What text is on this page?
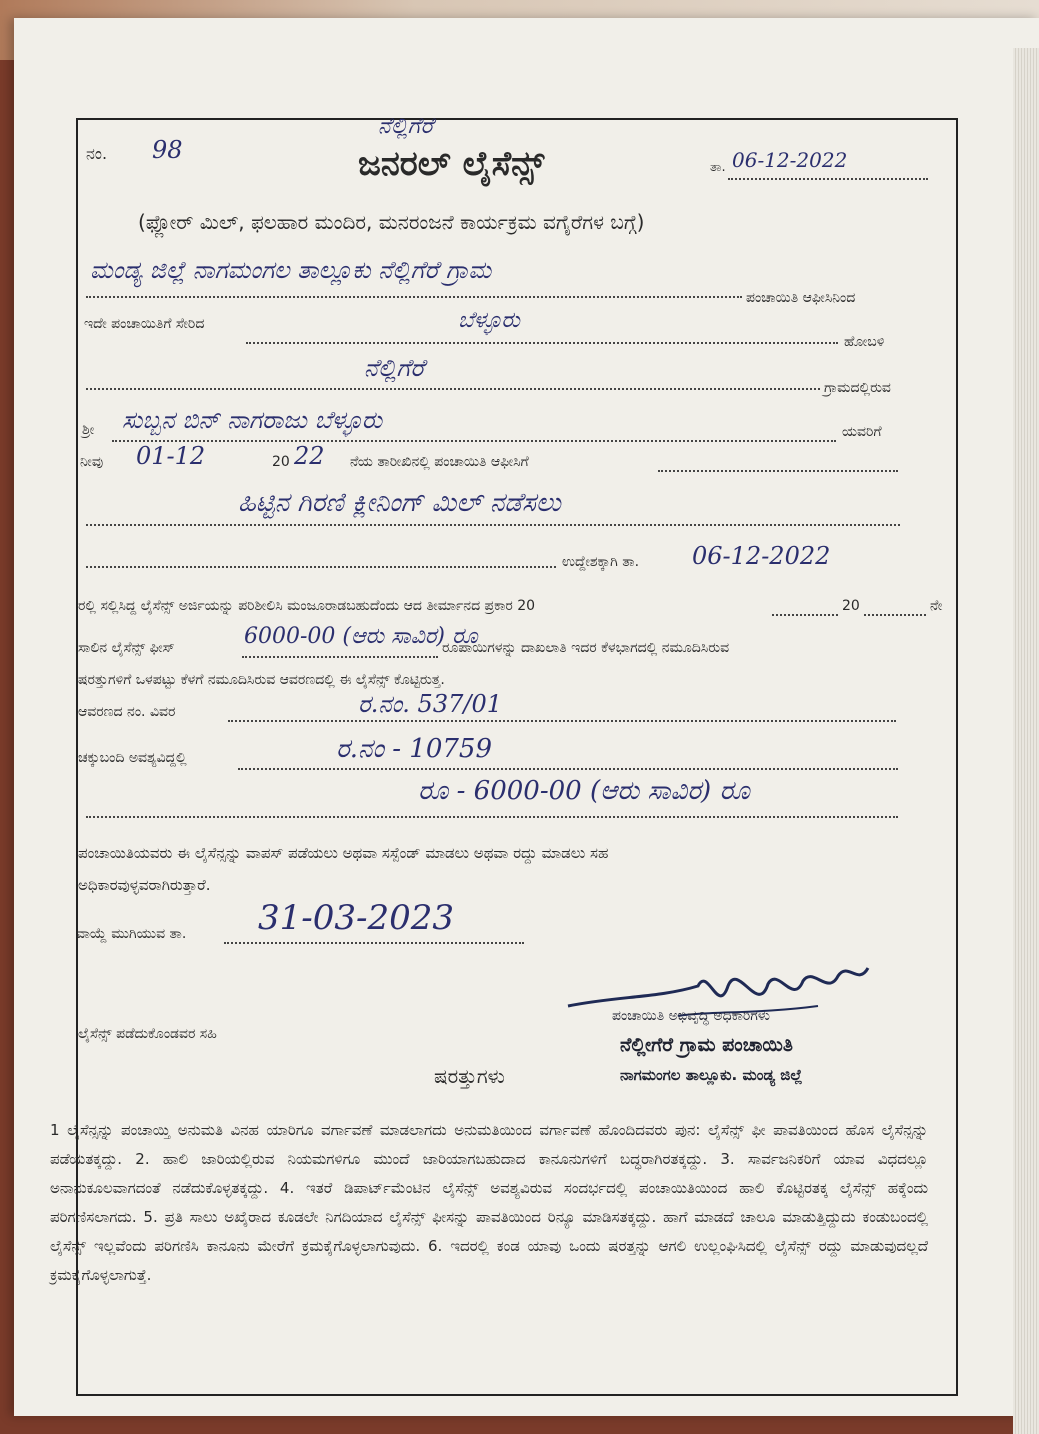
ನಂ. 98
ನೆಲ್ಲಿಗೆರೆ
ಜನರಲ್ ಲೈಸೆನ್ಸ್	ತಾ. 06-12-2022
(ಫ್ಲೋರ್ ಮಿಲ್, ಫಲಹಾರ ಮಂದಿರ, ಮನರಂಜನೆ ಕಾರ್ಯಕ್ರಮ ವಗೈರೆಗಳ ಬಗ್ಗೆ)
ಮಂಡ್ಯ ಜಿಲ್ಲೆ ನಾಗಮಂಗಲ ತಾಲ್ಲೂಕು ನೆಲ್ಲಿಗೆರೆ ಗ್ರಾಮ
ಪಂಚಾಯಿತಿ ಆಫೀಸಿನಿಂದ
ಇದೇ ಪಂಚಾಯಿತಿಗೆ ಸೇರಿದ	ಬೆಳ್ಳೂರು
ಹೋಬಳಿ
ನೆಲ್ಲಿಗೆರೆ
ಗ್ರಾಮದಲ್ಲಿರುವ
ಶ್ರೀ ಸುಬ್ಬನ ಬಿನ್ ನಾಗರಾಜು ಬೆಳ್ಳೂರು	ಯವರಿಗೆ
ನೀವು 01-12	20 22 ನೆಯ ತಾರೀಖಿನಲ್ಲಿ ಪಂಚಾಯಿತಿ ಆಫೀಸಿಗೆ
ಹಿಟ್ಟಿನ ಗಿರಣಿ ಕ್ಲೀನಿಂಗ್ ಮಿಲ್ ನಡೆಸಲು
ಉದ್ದೇಶಕ್ಕಾಗಿ ತಾ. 06-12-2022
ರಲ್ಲಿ ಸಲ್ಲಿಸಿದ್ದ ಲೈಸೆನ್ಸ್ ಅರ್ಜಿಯನ್ನು ಪರಿಶೀಲಿಸಿ ಮಂಜೂರಾಡಬಹುದೆಂದು ಆದ ತೀರ್ಮಾನದ ಪ್ರಕಾರ 20	20	ನೇ
ಸಾಲಿನ ಲೈಸೆನ್ಸ್ ಫೀಸ್	6000-00 (ಆರು ಸಾವಿರ) ರೂ
ರೂಪಾಯಿಗಳನ್ನು ದಾಖಲಾತಿ ಇದರ ಕೆಳಭಾಗದಲ್ಲಿ ನಮೂದಿಸಿರುವ
ಷರತ್ತುಗಳಿಗೆ ಒಳಪಟ್ಟು ಕೆಳಗೆ ನಮೂದಿಸಿರುವ ಆವರಣದಲ್ಲಿ ಈ ಲೈಸೆನ್ಸ್ ಕೊಟ್ಟಿರುತ್ತ.
ಆವರಣದ ನಂ. ವಿವರ	ರ.ನಂ. 537/01
ಚಕ್ಕುಬಂದಿ ಅವಶ್ಯವಿದ್ದಲ್ಲಿ	ರ.ನಂ - 10759
ರೂ - 6000-00 (ಆರು ಸಾವಿರ) ರೂ
ಪಂಚಾಯಿತಿಯವರು ಈ ಲೈಸೆನ್ಸನ್ನು ವಾಪಸ್ ಪಡೆಯಲು ಅಥವಾ ಸಸ್ಪೆಂಡ್ ಮಾಡಲು ಅಥವಾ ರದ್ದು ಮಾಡಲು ಸಹ
ಅಧಿಕಾರವುಳ್ಳವರಾಗಿರುತ್ತಾರೆ.
ವಾಯ್ದೆ ಮುಗಿಯುವ ತಾ. 31-03-2023
ಲೈಸೆನ್ಸ್ ಪಡೆದುಕೊಂಡವರ ಸಹಿ
ಪಂಚಾಯಿತಿ ಅಭಿವೃದ್ಧಿ ಅಧಿಕಾರಿಗಳು
ನೆಲ್ಲೀಗೆರೆ ಗ್ರಾಮ ಪಂಚಾಯಿತಿ
ನಾಗಮಂಗಲ ತಾಲ್ಲೂಕು. ಮಂಡ್ಯ ಜಿಲ್ಲೆ
ಷರತ್ತುಗಳು
1 ಲೈಸೆನ್ಸನ್ನು ಪಂಚಾಯ್ತಿ ಅನುಮತಿ ವಿನಹ ಯಾರಿಗೂ ವರ್ಗಾವಣೆ ಮಾಡಲಾಗದು ಅನುಮತಿಯಿಂದ ವರ್ಗಾವಣೆ ಹೊಂದಿದವರು ಪುನ: ಲೈಸೆನ್ಸ್ ಫೀ ಪಾವತಿಯಿಂದ ಹೊಸ ಲೈಸೆನ್ಸನ್ನು ಪಡೆಯತಕ್ಕದ್ದು. 2. ಹಾಲಿ ಜಾರಿಯಲ್ಲಿರುವ ನಿಯಮಗಳಿಗೂ ಮುಂದೆ ಜಾರಿಯಾಗಬಹುದಾದ ಕಾನೂನುಗಳಿಗೆ ಬದ್ಧರಾಗಿರತಕ್ಕದ್ದು. 3. ಸಾರ್ವಜನಿಕರಿಗೆ ಯಾವ ವಿಧದಲ್ಲೂ ಅನಾನುಕೂಲವಾಗದಂತೆ ನಡೆದುಕೊಳ್ಳತಕ್ಕದ್ದು. 4. ಇತರೆ ಡಿಪಾರ್ಟ್‌ಮೆಂಟಿನ ಲೈಸೆನ್ಸ್ ಅವಶ್ಯವಿರುವ ಸಂದರ್ಭದಲ್ಲಿ ಪಂಚಾಯಿತಿಯಿಂದ ಹಾಲಿ ಕೊಟ್ಟಿರತಕ್ಕ ಲೈಸೆನ್ಸ್ ಹಕ್ಕೆಂದು ಪರಿಗಣಿಸಲಾಗದು. 5. ಪ್ರತಿ ಸಾಲು ಅಖೈರಾದ ಕೂಡಲೇ ನಿಗದಿಯಾದ ಲೈಸೆನ್ಸ್ ಫೀಸನ್ನು ಪಾವತಿಯಿಂದ ರಿನ್ಯೂ ಮಾಡಿಸತಕ್ಕದ್ದು. ಹಾಗೆ ಮಾಡದೆ ಚಾಲೂ ಮಾಡುತ್ತಿದ್ದುದು ಕಂಡುಬಂದಲ್ಲಿ ಲೈಸೆನ್ಸ್ ಇಲ್ಲವೆಂದು ಪರಿಗಣಿಸಿ ಕಾನೂನು ಮೇರೆಗೆ ಕ್ರಮಕೈಗೊಳ್ಳಲಾಗುವುದು. 6. ಇದರಲ್ಲಿ ಕಂಡ ಯಾವು ಒಂದು ಷರತ್ತನ್ನು ಆಗಲಿ ಉಲ್ಲಂಘಿಸಿದಲ್ಲಿ ಲೈಸೆನ್ಸ್ ರದ್ದು ಮಾಡುವುದಲ್ಲದೆ ಕ್ರಮಕೈಗೊಳ್ಳಲಾಗುತ್ತೆ.
